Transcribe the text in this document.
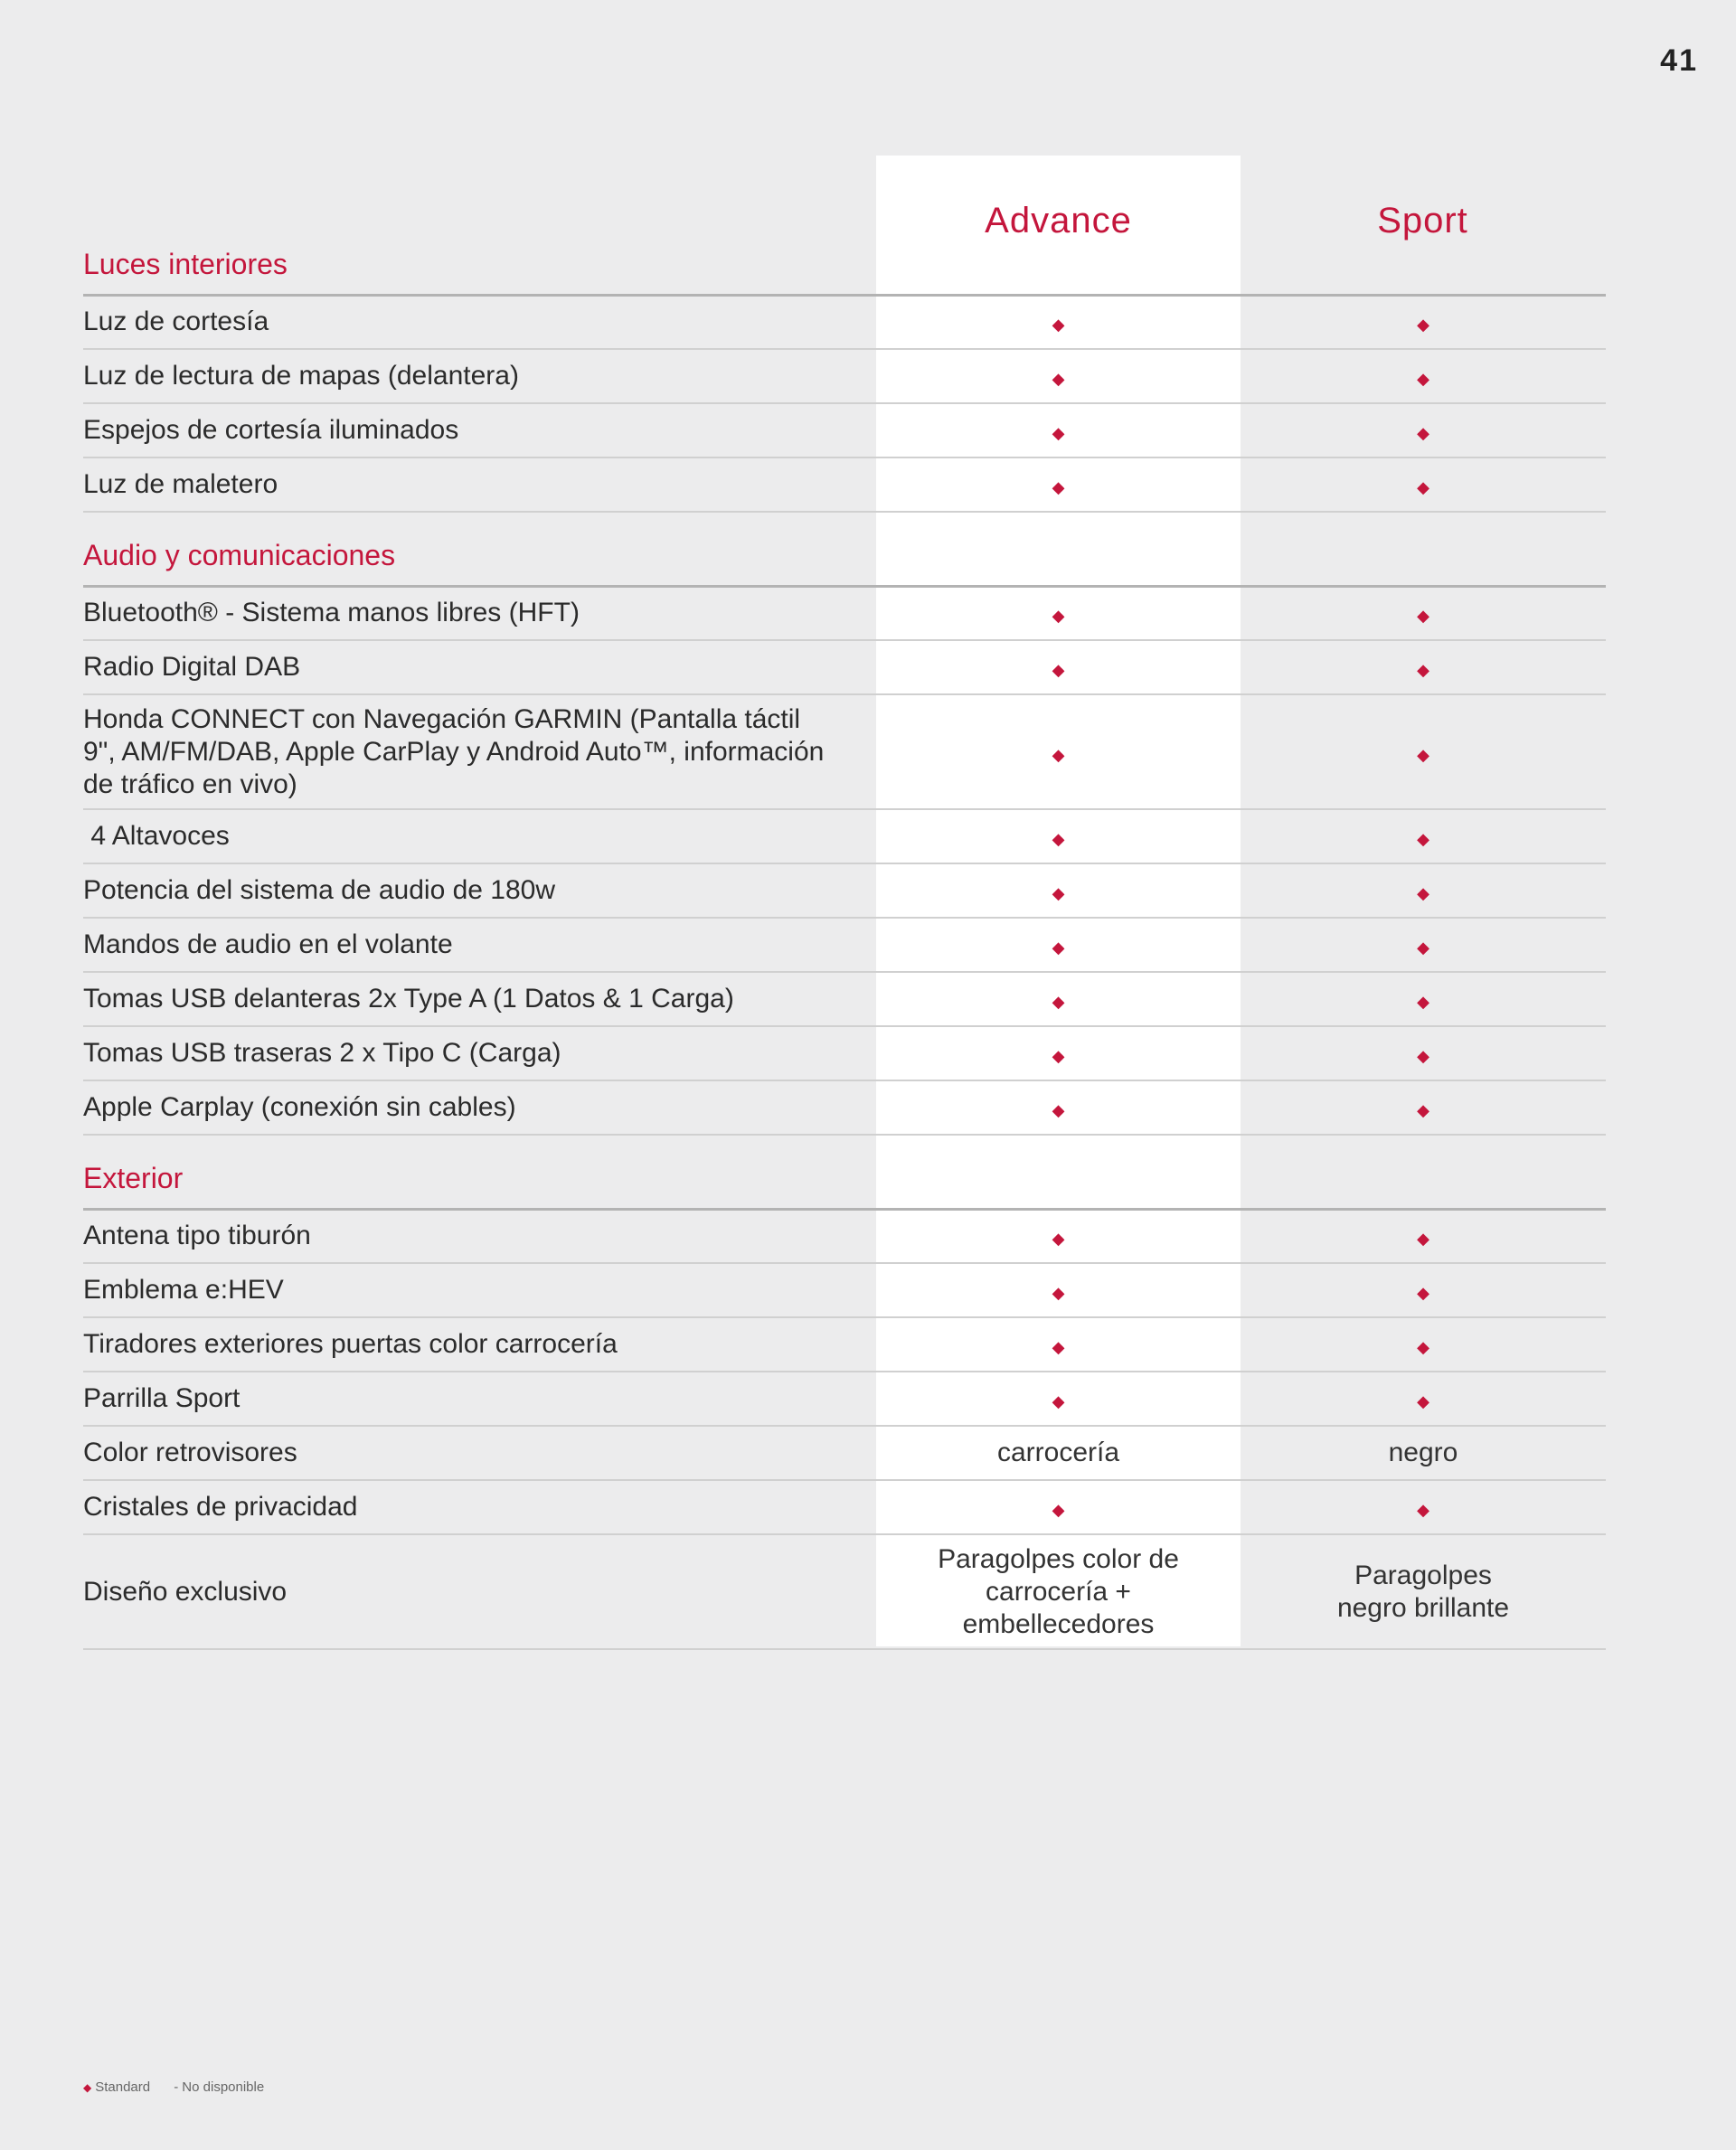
41
Advance	Sport
Luces interiores		
Luz de cortesía	◆	◆
Luz de lectura de mapas (delantera)	◆	◆
Espejos de cortesía iluminados	◆	◆
Luz de maletero	◆	◆
Audio y comunicaciones		
Bluetooth® - Sistema manos libres (HFT)	◆	◆
Radio Digital DAB	◆	◆

Honda CONNECT con Navegación GARMIN (Pantalla táctil 9", AM/FM/DAB, Apple CarPlay y Android Auto™, información de tráfico en vivo)	◆	◆
4 Altavoces	◆	◆
Potencia del sistema de audio de 180w	◆	◆
Mandos de audio en el volante	◆	◆
Tomas USB delanteras 2x Type A (1 Datos & 1 Carga)	◆	◆
Tomas USB traseras 2 x Tipo C (Carga)	◆	◆
Apple Carplay (conexión sin cables)	◆	◆
Exterior		
Antena tipo tiburón	◆	◆
Emblema e:HEV	◆	◆
Tiradores exteriores puertas color carrocería	◆	◆
Parrilla Sport	◆	◆
Color retrovisores	carrocería	negro
Cristales de privacidad	◆	◆
Diseño exclusivo	Paragolpes color de carrocería + embellecedores	Paragolpes negro brillante
◆ Standard - No disponible
